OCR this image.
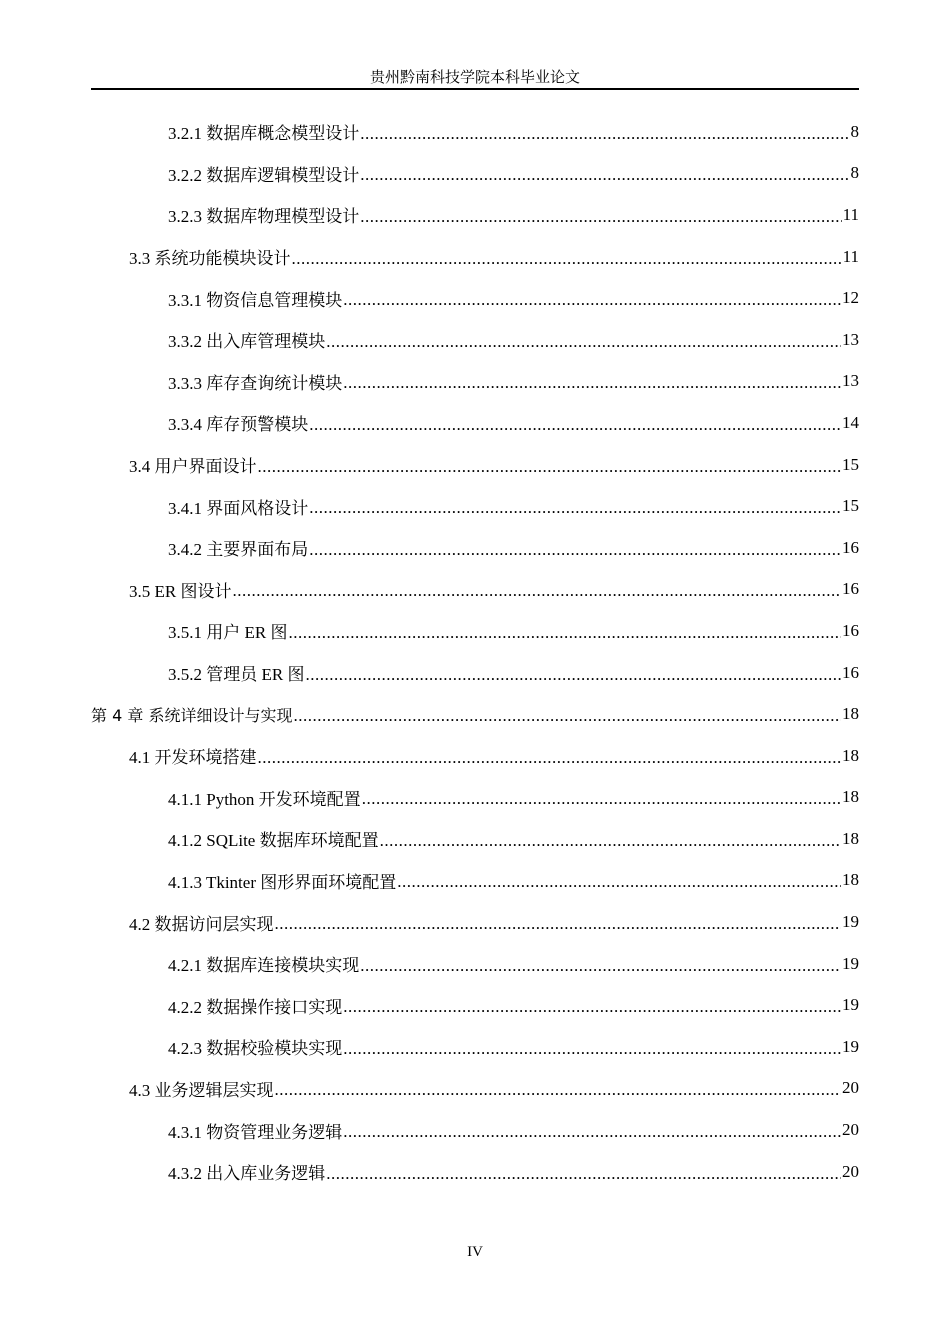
贵州黔南科技学院本科毕业论文
3.2.1 数据库概念模型设计 .....	8
3.2.2 数据库逻辑模型设计 .....	8
3.2.3 数据库物理模型设计 .....	11
3.3 系统功能模块设计 .....	11
3.3.1 物资信息管理模块 .....	12
3.3.2 出入库管理模块 .....	13
3.3.3 库存查询统计模块 .....	13
3.3.4 库存预警模块 .....	14
3.4 用户界面设计 .....	15
3.4.1 界面风格设计 .....	15
3.4.2 主要界面布局 .....	16
3.5 ER 图设计 .....	16
3.5.1 用户 ER 图 .....	16
3.5.2 管理员 ER 图 .....	16
第 4 章 系统详细设计与实现 .....	18
4.1 开发环境搭建 .....	18
4.1.1 Python 开发环境配置 .....	18
4.1.2 SQLite 数据库环境配置 .....	18
4.1.3 Tkinter 图形界面环境配置 .....	18
4.2 数据访问层实现 .....	19
4.2.1 数据库连接模块实现 .....	19
4.2.2 数据操作接口实现 .....	19
4.2.3 数据校验模块实现 .....	19
4.3 业务逻辑层实现 .....	20
4.3.1 物资管理业务逻辑 .....	20
4.3.2 出入库业务逻辑 .....	20
IV
